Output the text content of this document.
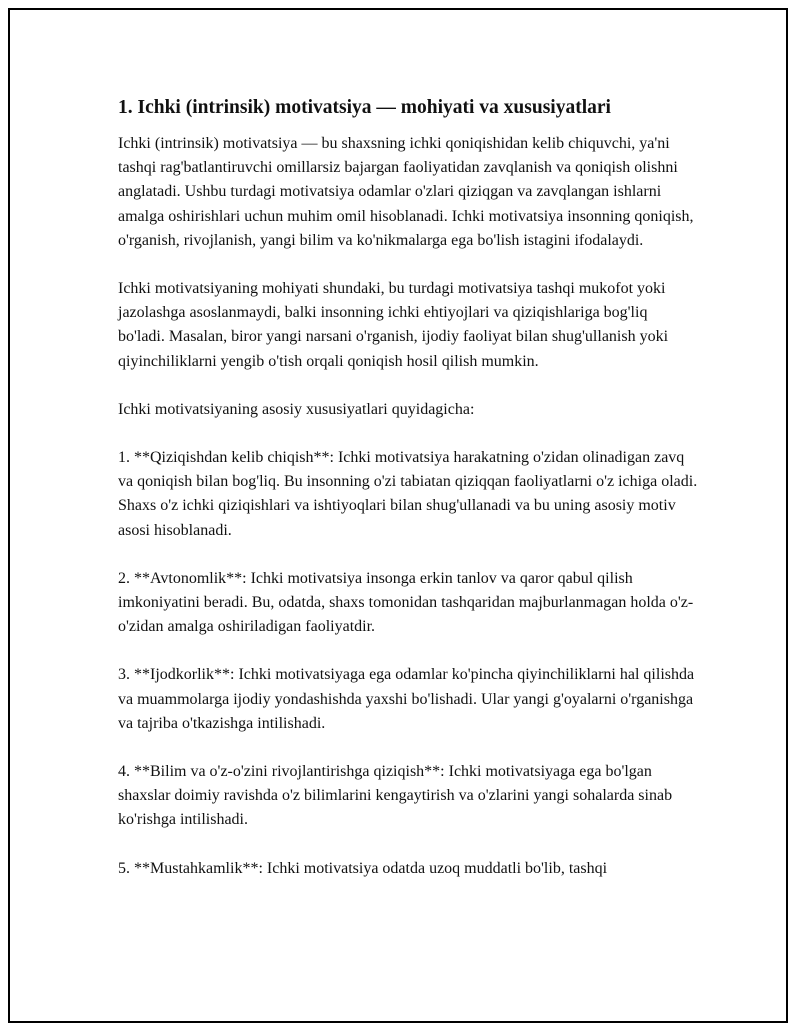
1. Ichki (intrinsik) motivatsiya — mohiyati va xususiyatlari

Ichki (intrinsik) motivatsiya — bu shaxsning ichki qoniqishidan kelib chiquvchi, ya'ni tashqi rag'batlantiruvchi omillarsiz bajargan faoliyatidan zavqlanish va qoniqish olishni anglatadi. Ushbu turdagi motivatsiya odamlar o'zlari qiziqgan va zavqlangan ishlarni amalga oshirishlari uchun muhim omil hisoblanadi. Ichki motivatsiya insonning qoniqish, o'rganish, rivojlanish, yangi bilim va ko'nikmalarga ega bo'lish istagini ifodalaydi.

Ichki motivatsiyaning mohiyati shundaki, bu turdagi motivatsiya tashqi mukofot yoki jazolashga asoslanmaydi, balki insonning ichki ehtiyojlari va qiziqishlariga bog'liq bo'ladi. Masalan, biror yangi narsani o'rganish, ijodiy faoliyat bilan shug'ullanish yoki qiyinchiliklarni yengib o'tish orqali qoniqish hosil qilish mumkin.

Ichki motivatsiyaning asosiy xususiyatlari quyidagicha:

1. **Qiziqishdan kelib chiqish**: Ichki motivatsiya harakatning o'zidan olinadigan zavq va qoniqish bilan bog'liq. Bu insonning o'zi tabiatan qiziqqan faoliyatlarni o'z ichiga oladi. Shaxs o'z ichki qiziqishlari va ishtiyoqlari bilan shug'ullanadi va bu uning asosiy motiv asosi hisoblanadi.

2. **Avtonomlik**: Ichki motivatsiya insonga erkin tanlov va qaror qabul qilish imkoniyatini beradi. Bu, odatda, shaxs tomonidan tashqaridan majburlanmagan holda o'z-o'zidan amalga oshiriladigan faoliyatdir.

3. **Ijodkorlik**: Ichki motivatsiyaga ega odamlar ko'pincha qiyinchiliklarni hal qilishda va muammolarga ijodiy yondashishda yaxshi bo'lishadi. Ular yangi g'oyalarni o'rganishga va tajriba o'tkazishga intilishadi.

4. **Bilim va o'z-o'zini rivojlantirishga qiziqish**: Ichki motivatsiyaga ega bo'lgan shaxslar doimiy ravishda o'z bilimlarini kengaytirish va o'zlarini yangi sohalarda sinab ko'rishga intilishadi.

5. **Mustahkamlik**: Ichki motivatsiya odatda uzoq muddatli bo'lib, tashqi
